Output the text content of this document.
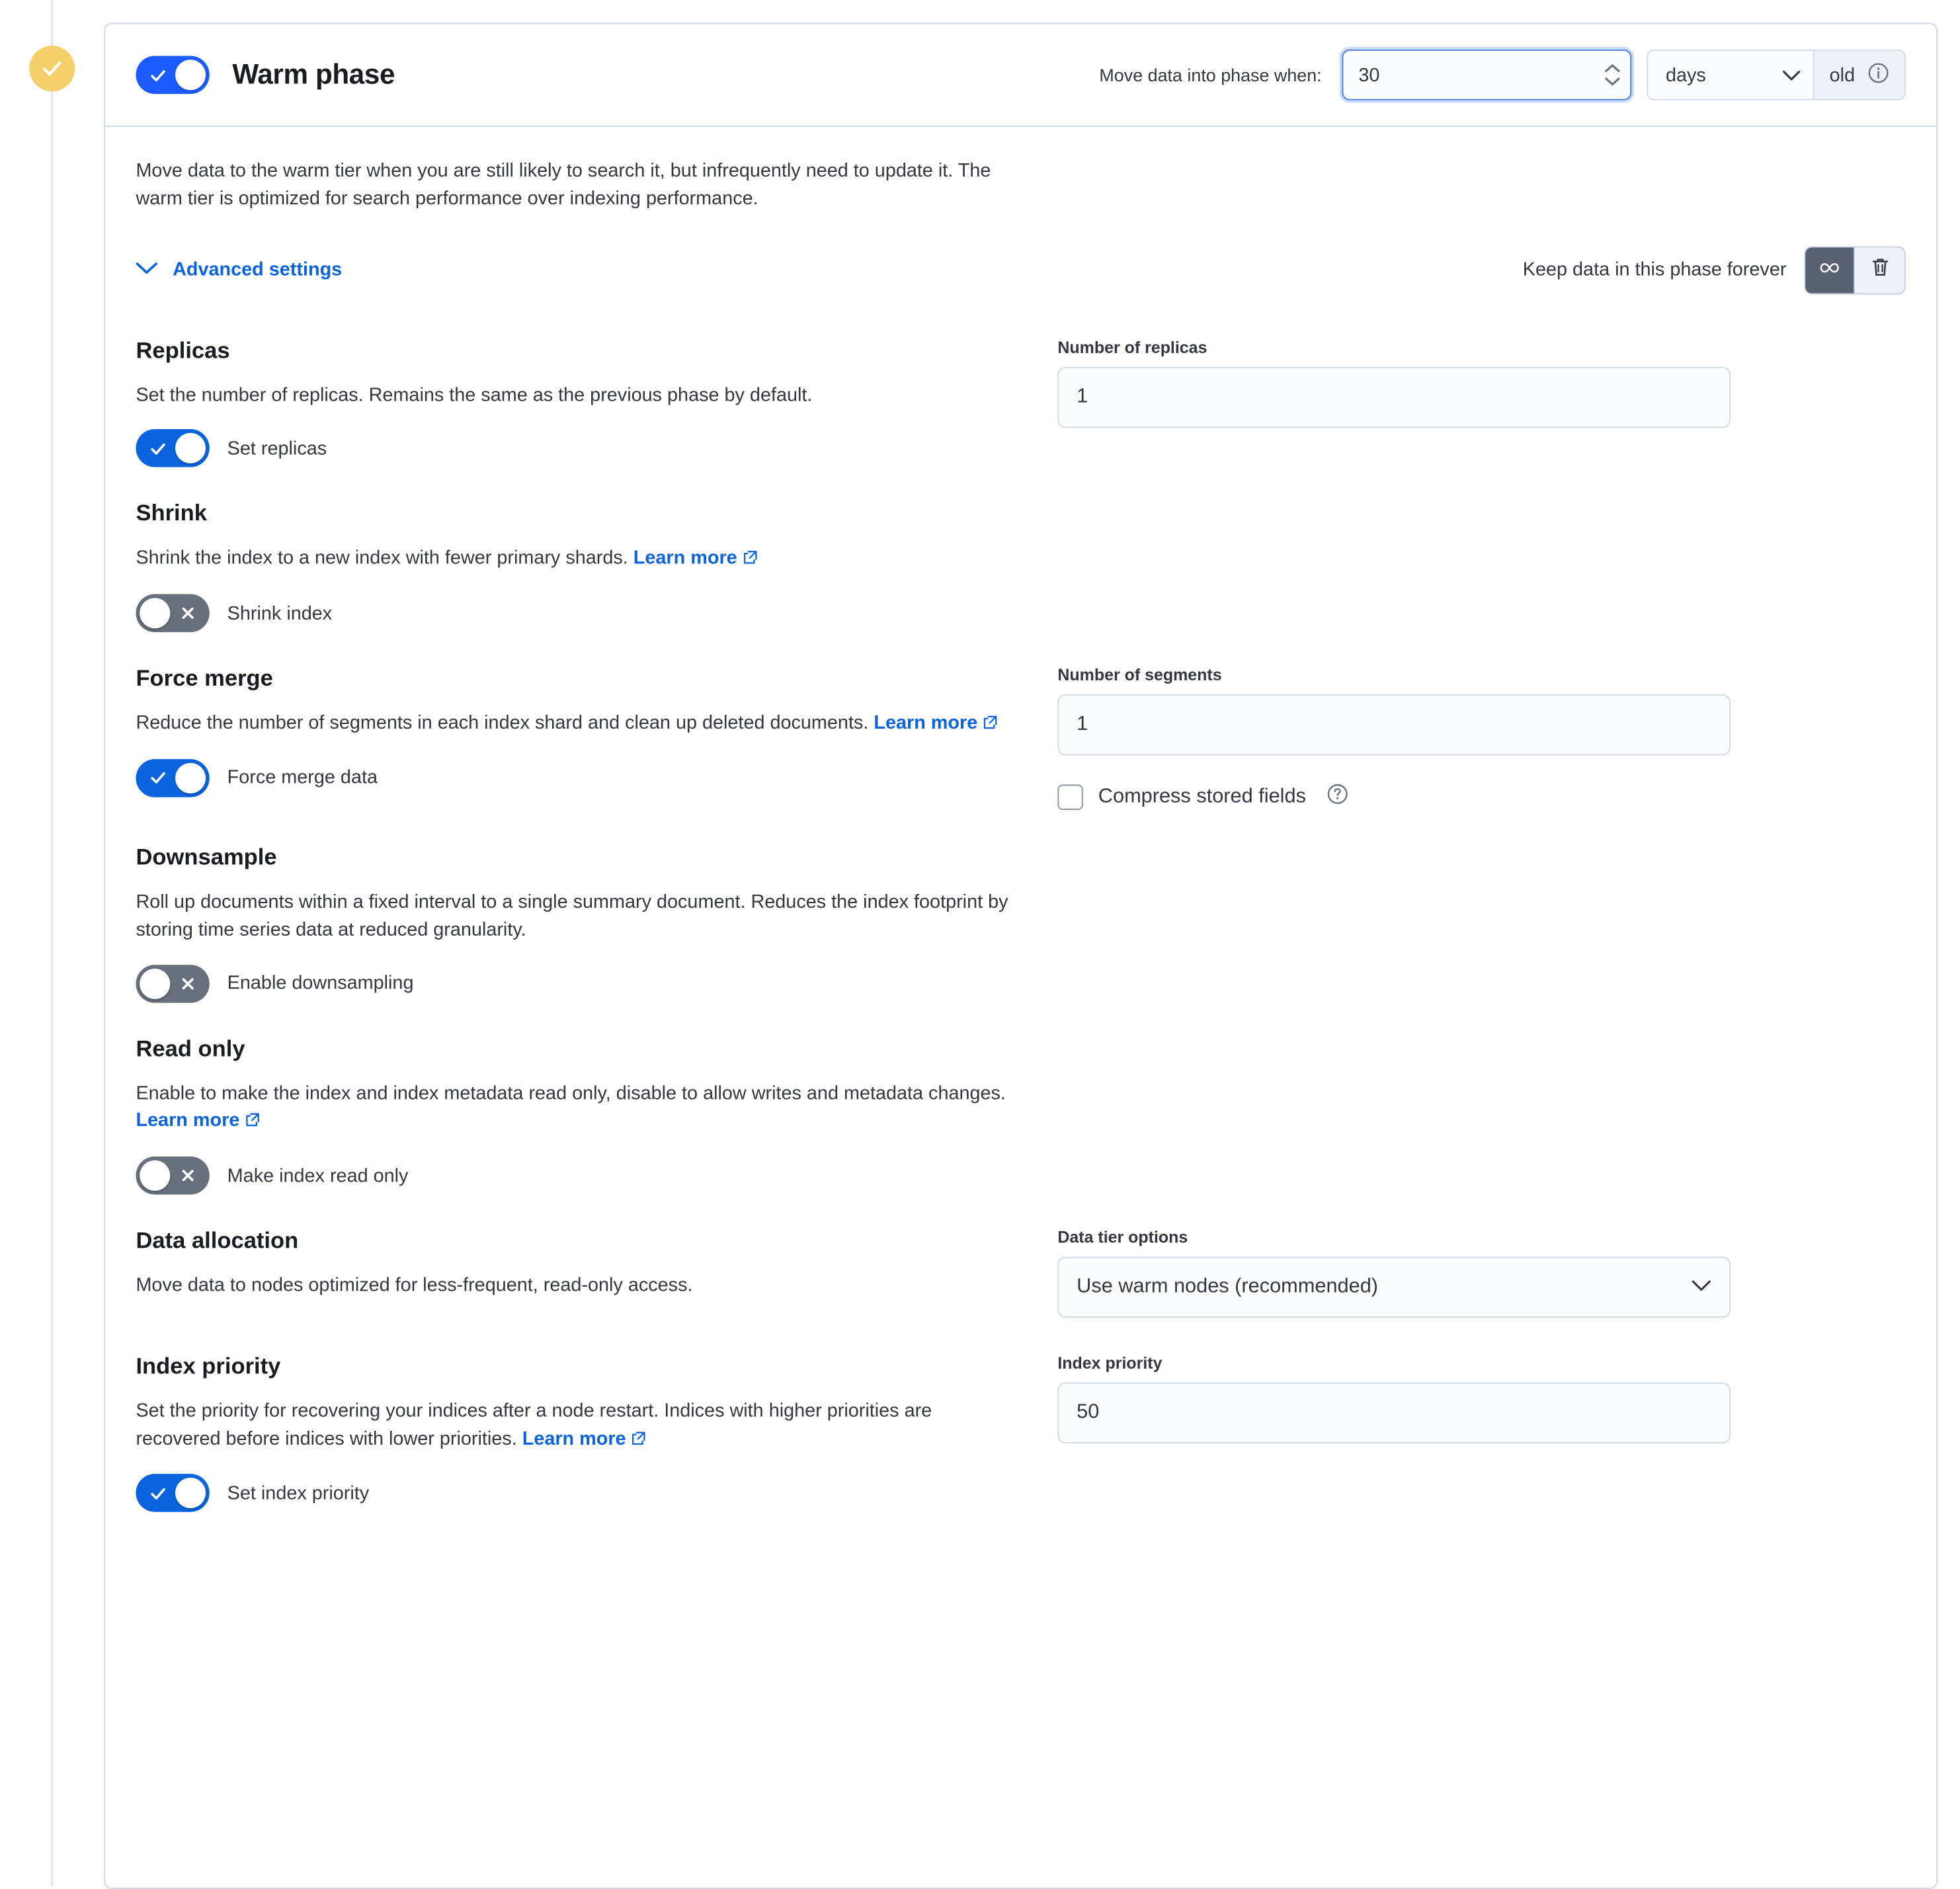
Warm phase	Move data into phase when:
30	days	old

Move data to the warm tier when you are still likely to search it, but infrequently need to update it. The warm tier is optimized for search performance over indexing performance.

Advanced settings	Keep data in this phase forever
Replicas

Set the number of replicas. Remains the same as the previous phase by default.

Set replicas
Number of replicas
1
Shrink

Shrink the index to a new index with fewer primary shards. Learn more

Shrink index
Force merge

Reduce the number of segments in each index shard and clean up deleted documents. Learn more

Force merge data
Number of segments
1
Compress stored fields
Downsample

Roll up documents within a fixed interval to a single summary document. Reduces the index footprint by storing time series data at reduced granularity.

Enable downsampling
Read only

Enable to make the index and index metadata read only, disable to allow writes and metadata changes. Learn more

Make index read only
Data allocation

Move data to nodes optimized for less-frequent, read-only access.

Data tier options
Use warm nodes (recommended)
Index priority

Set the priority for recovering your indices after a node restart. Indices with higher priorities are recovered before indices with lower priorities. Learn more

Set index priority
Index priority
50
